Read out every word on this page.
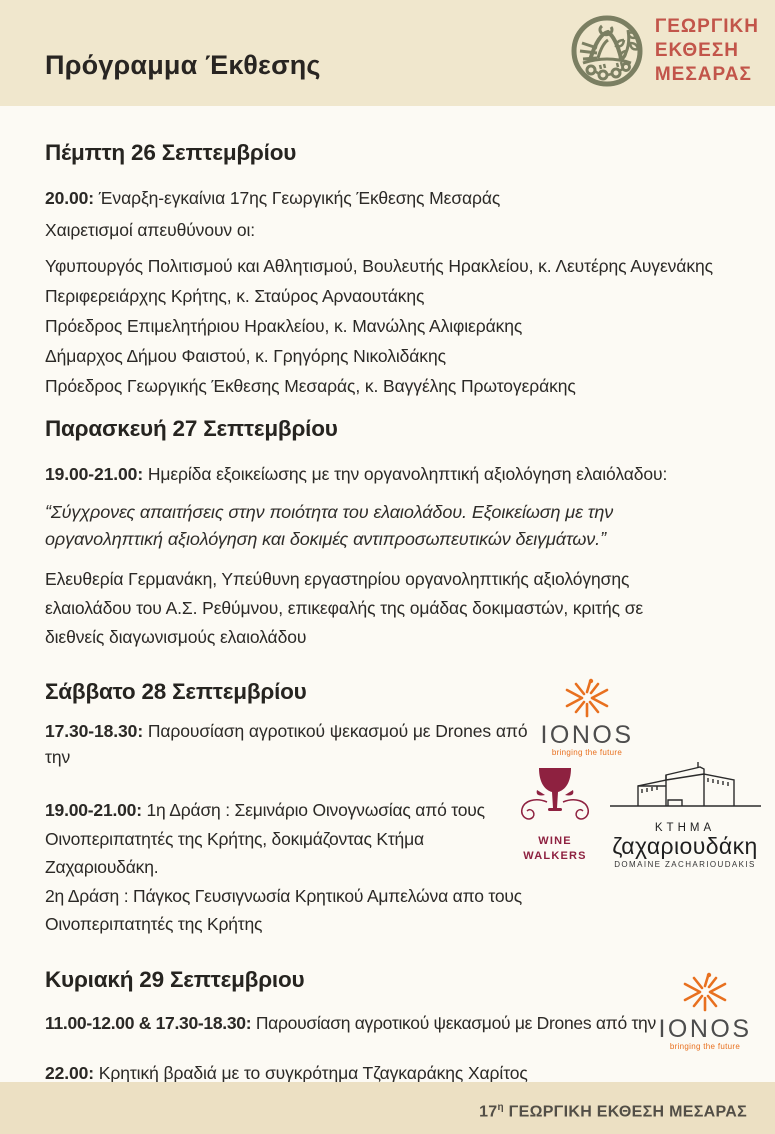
Πρόγραμμα Έκθεσης
ΓΕΩΡΓΙΚΗ
ΕΚΘΕΣΗ
ΜΕΣΑΡΑΣ
Πέμπτη 26 Σεπτεμβρίου

20.00: Έναρξη-εγκαίνια 17ης Γεωργικής Έκθεσης Μεσαράς

Χαιρετισμοί απευθύνουν οι:

Υφυπουργός Πολιτισμού και Αθλητισμού, Βουλευτής Ηρακλείου, κ. Λευτέρης Αυγενάκης

Περιφερειάρχης Κρήτης, κ. Σταύρος Αρναουτάκης

Πρόεδρος Επιμελητήριου Ηρακλείου, κ. Μανώλης Αλιφιεράκης

Δήμαρχος Δήμου Φαιστού, κ. Γρηγόρης Νικολιδάκης

Πρόεδρος Γεωργικής Έκθεσης Μεσαράς, κ. Βαγγέλης Πρωτογεράκης

Παρασκευή 27 Σεπτεμβρίου

19.00-21.00: Ημερίδα εξοικείωσης με την οργανοληπτική αξιολόγηση ελαιόλαδου:

“Σύγχρονες απαιτήσεις στην ποιότητα του ελαιολάδου. Εξοικείωση με την οργανοληπτική αξιολόγηση και δοκιμές αντιπροσωπευτικών δειγμάτων.”

Ελευθερία Γερμανάκη, Υπεύθυνη εργαστηρίου οργανοληπτικής αξιολόγησης ελαιολάδου του Α.Σ. Ρεθύμνου, επικεφαλής της ομάδας δοκιμαστών, κριτής σε διεθνείς διαγωνισμούς ελαιολάδου

Σάββατο 28 Σεπτεμβρίου

17.30-18.30: Παρουσίαση αγροτικού ψεκασμού με Drones από την

IONOS
bringing the future

19.00-21.00: 1η Δράση : Σεμινάριο Οινογνωσίας από τους Οινοπεριπατητές της Κρήτης, δοκιμάζοντας Κτήμα Ζαχαριουδάκη.

2η Δράση : Πάγκος Γευσιγνωσία Κρητικού Αμπελώνα απο τους Οινοπεριπατητές της Κρήτης

WINE
WALKERS
ΚΤΗΜΑ
ζαχαριουδάκη
DOMAINE ZACHARIOUDAKIS
Κυριακή 29 Σεπτεμβριου

11.00-12.00 & 17.30-18.30: Παρουσίαση αγροτικού ψεκασμού με Drones από την IONOS
bringing the future

22.00: Κρητική βραδιά με το συγκρότημα Τζαγκαράκης Χαρίτος

$17^\eta$ ΓΕΩΡΓΙΚΗ ΕΚΘΕΣΗ ΜΕΣΑΡΑΣ
